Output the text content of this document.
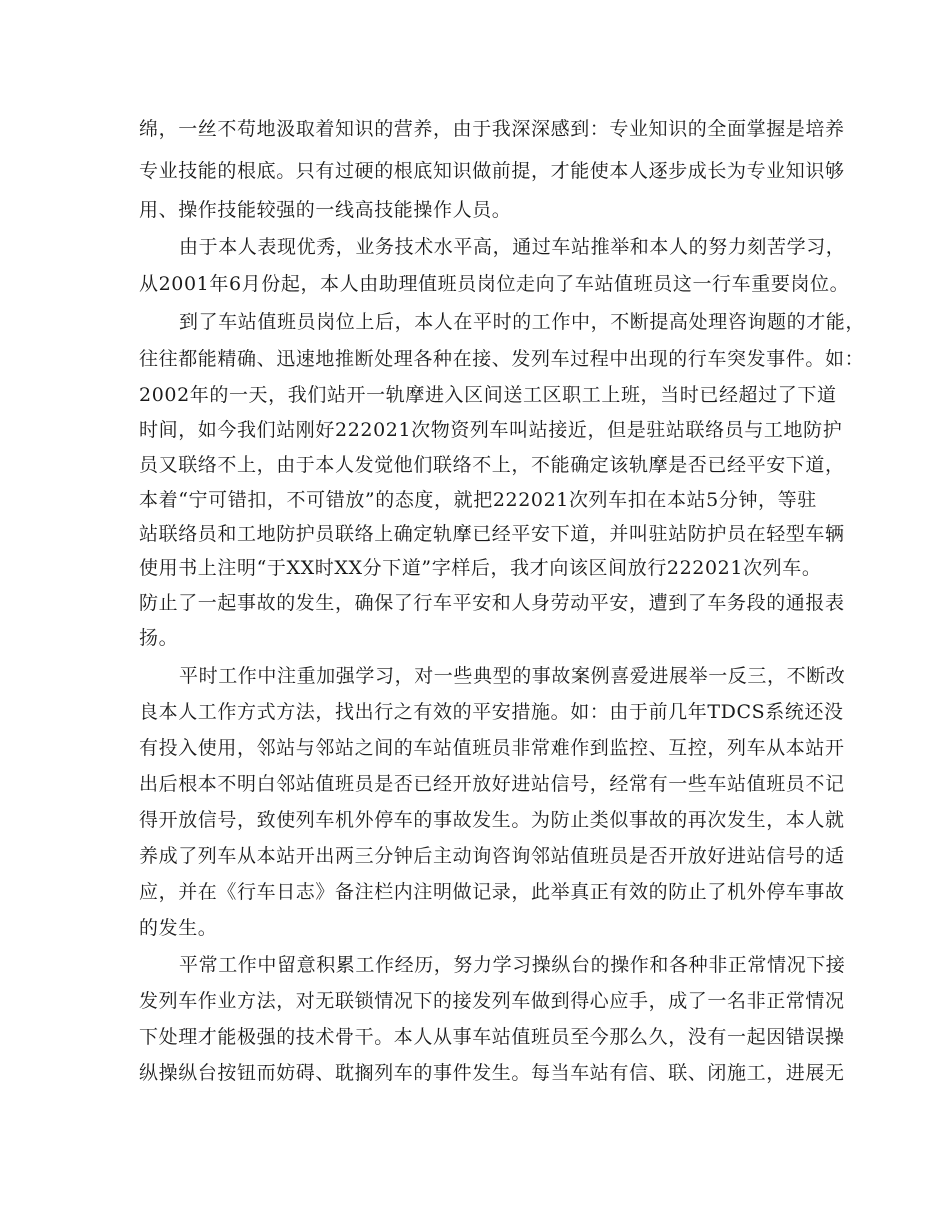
绵，一丝不苟地汲取着知识的营养，由于我深深感到：专业知识的全面掌握是培养
专业技能的根底。只有过硬的根底知识做前提，才能使本人逐步成长为专业知识够
用、操作技能较强的一线高技能操作人员。
由于本人表现优秀，业务技术水平高，通过车站推举和本人的努力刻苦学习，
从2001年6月份起，本人由助理值班员岗位走向了车站值班员这一行车重要岗位。
到了车站值班员岗位上后，本人在平时的工作中，不断提高处理咨询题的才能，
往往都能精确、迅速地推断处理各种在接、发列车过程中出现的行车突发事件。如：
2002年的一天，我们站开一轨摩进入区间送工区职工上班，当时已经超过了下道
时间，如今我们站刚好222021次物资列车叫站接近，但是驻站联络员与工地防护
员又联络不上，由于本人发觉他们联络不上，不能确定该轨摩是否已经平安下道，
本着“宁可错扣，不可错放”的态度，就把222021次列车扣在本站5分钟，等驻
站联络员和工地防护员联络上确定轨摩已经平安下道，并叫驻站防护员在轻型车辆
使用书上注明“于XX时XX分下道”字样后，我才向该区间放行222021次列车。
防止了一起事故的发生，确保了行车平安和人身劳动平安，遭到了车务段的通报表
扬。
平时工作中注重加强学习，对一些典型的事故案例喜爱进展举一反三，不断改
良本人工作方式方法，找出行之有效的平安措施。如：由于前几年TDCS系统还没
有投入使用，邻站与邻站之间的车站值班员非常难作到监控、互控，列车从本站开
出后根本不明白邻站值班员是否已经开放好进站信号，经常有一些车站值班员不记
得开放信号，致使列车机外停车的事故发生。为防止类似事故的再次发生，本人就
养成了列车从本站开出两三分钟后主动询咨询邻站值班员是否开放好进站信号的适
应，并在《行车日志》备注栏内注明做记录，此举真正有效的防止了机外停车事故
的发生。
平常工作中留意积累工作经历，努力学习操纵台的操作和各种非正常情况下接
发列车作业方法，对无联锁情况下的接发列车做到得心应手，成了一名非正常情况
下处理才能极强的技术骨干。本人从事车站值班员至今那么久，没有一起因错误操
纵操纵台按钮而妨碍、耽搁列车的事件发生。每当车站有信、联、闭施工，进展无
